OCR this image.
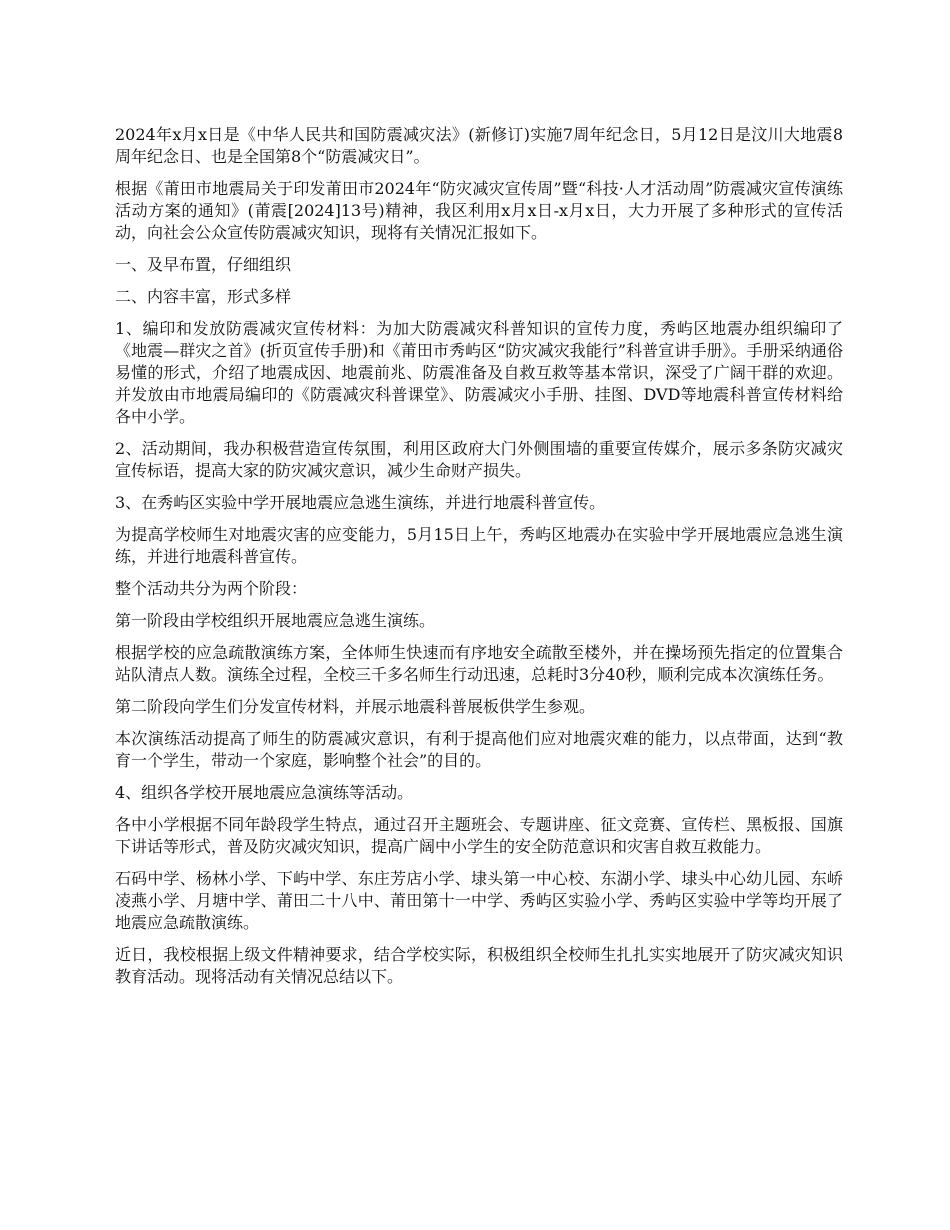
2024年x月x日是《中华人民共和国防震减灾法》(新修订)实施7周年纪念日，5月12日是汶川大地震8周年纪念日、也是全国第8个“防震减灾日”。

根据《莆田市地震局关于印发莆田市2024年“防灾减灾宣传周”暨“科技·人才活动周”防震减灾宣传演练活动方案的通知》(莆震[2024]13号)精神，我区利用x月x日-x月x日，大力开展了多种形式的宣传活动，向社会公众宣传防震减灾知识，现将有关情况汇报如下。

一、及早布置，仔细组织

二、内容丰富，形式多样

1、编印和发放防震减灾宣传材料：为加大防震减灾科普知识的宣传力度，秀屿区地震办组织编印了《地震—群灾之首》(折页宣传手册)和《莆田市秀屿区“防灾减灾我能行”科普宣讲手册》。手册采纳通俗易懂的形式，介绍了地震成因、地震前兆、防震准备及自救互救等基本常识，深受了广阔干群的欢迎。并发放由市地震局编印的《防震减灾科普课堂》、防震减灾小手册、挂图、DVD等地震科普宣传材料给各中小学。

2、活动期间，我办积极营造宣传氛围，利用区政府大门外侧围墙的重要宣传媒介，展示多条防灾减灾宣传标语，提高大家的防灾减灾意识，减少生命财产损失。

3、在秀屿区实验中学开展地震应急逃生演练，并进行地震科普宣传。

为提高学校师生对地震灾害的应变能力，5月15日上午，秀屿区地震办在实验中学开展地震应急逃生演练，并进行地震科普宣传。

整个活动共分为两个阶段：

第一阶段由学校组织开展地震应急逃生演练。

根据学校的应急疏散演练方案，全体师生快速而有序地安全疏散至楼外，并在操场预先指定的位置集合站队清点人数。演练全过程，全校三千多名师生行动迅速，总耗时3分40秒，顺利完成本次演练任务。

第二阶段向学生们分发宣传材料，并展示地震科普展板供学生参观。

本次演练活动提高了师生的防震减灾意识，有利于提高他们应对地震灾难的能力，以点带面，达到“教育一个学生，带动一个家庭，影响整个社会”的目的。

4、组织各学校开展地震应急演练等活动。

各中小学根据不同年龄段学生特点，通过召开主题班会、专题讲座、征文竞赛、宣传栏、黑板报、国旗下讲话等形式，普及防灾减灾知识，提高广阔中小学生的安全防范意识和灾害自救互救能力。

石码中学、杨林小学、下屿中学、东庄芳店小学、埭头第一中心校、东湖小学、埭头中心幼儿园、东峤凌燕小学、月塘中学、莆田二十八中、莆田第十一中学、秀屿区实验小学、秀屿区实验中学等均开展了地震应急疏散演练。

近日，我校根据上级文件精神要求，结合学校实际，积极组织全校师生扎扎实实地展开了防灾减灾知识教育活动。现将活动有关情况总结以下。
